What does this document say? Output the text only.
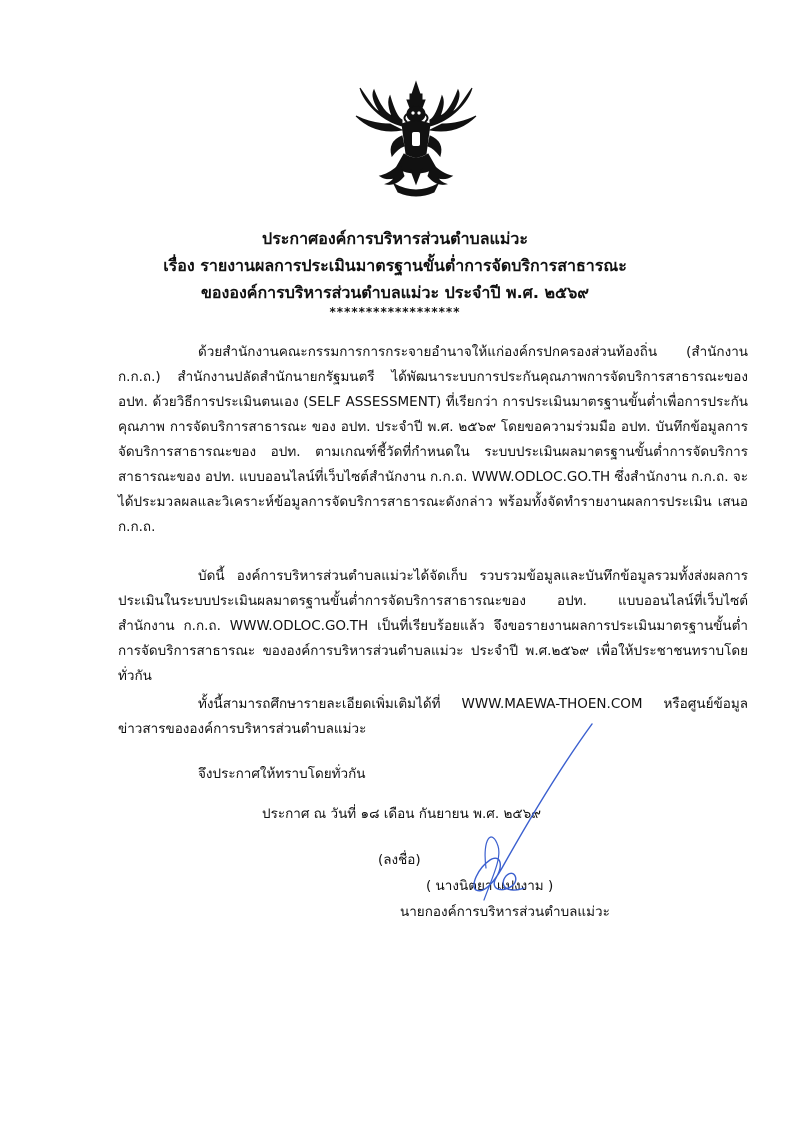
ประกาศองค์การบริหารส่วนตำบลแม่วะ
เรื่อง รายงานผลการประเมินมาตรฐานขั้นต่ำการจัดบริการสาธารณะ
ขององค์การบริหารส่วนตำบลแม่วะ ประจำปี พ.ศ. ๒๕๖๙
******************

ด้วยสำนักงานคณะกรรมการการกระจายอำนาจให้แก่องค์กรปกครองส่วนท้องถิ่น (สำนักงาน ก.ก.ถ.) สำนักงานปลัดสำนักนายกรัฐมนตรี ได้พัฒนาระบบการประกันคุณภาพการจัดบริการสาธารณะของ อปท. ด้วยวิธีการประเมินตนเอง (SELF ASSESSMENT) ที่เรียกว่า การประเมินมาตรฐานขั้นต่ำเพื่อการประกันคุณภาพ การจัดบริการสาธารณะ ของ อปท. ประจำปี พ.ศ. ๒๕๖๙ โดยขอความร่วมมือ อปท. บันทึกข้อมูลการจัดบริการสาธารณะของ อปท. ตามเกณฑ์ชี้วัดที่กำหนดใน ระบบประเมินผลมาตรฐานขั้นต่ำการจัดบริการสาธารณะของ อปท. แบบออนไลน์ที่เว็บไซต์สำนักงาน ก.ก.ถ. WWW.ODLOC.GO.TH ซึ่งสำนักงาน ก.ก.ถ. จะได้ประมวลผลและวิเคราะห์ข้อมูลการจัดบริการสาธารณะดังกล่าว พร้อมทั้งจัดทำรายงานผลการประเมิน เสนอ ก.ก.ถ.

บัดนี้ องค์การบริหารส่วนตำบลแม่วะได้จัดเก็บ รวบรวมข้อมูลและบันทึกข้อมูลรวมทั้งส่งผลการประเมินในระบบประเมินผลมาตรฐานขั้นต่ำการจัดบริการสาธารณะของ อปท. แบบออนไลน์ที่เว็บไซต์ สำนักงาน ก.ก.ถ. WWW.ODLOC.GO.TH เป็นที่เรียบร้อยแล้ว จึงขอรายงานผลการประเมินมาตรฐานขั้นต่ำการจัดบริการสาธารณะ ขององค์การบริหารส่วนตำบลแม่วะ ประจำปี พ.ศ.๒๕๖๙ เพื่อให้ประชาชนทราบโดยทั่วกัน

ทั้งนี้สามารถศึกษารายละเอียดเพิ่มเติมได้ที่ WWW.MAEWA-THOEN.COM หรือศูนย์ข้อมูลข่าวสารขององค์การบริหารส่วนตำบลแม่วะ

จึงประกาศให้ทราบโดยทั่วกัน
ประกาศ ณ วันที่ ๑๘ เดือน กันยายน พ.ศ. ๒๕๖๙
(ลงชื่อ)
( นางนิตยา แปงงาม )
นายกองค์การบริหารส่วนตำบลแม่วะ
